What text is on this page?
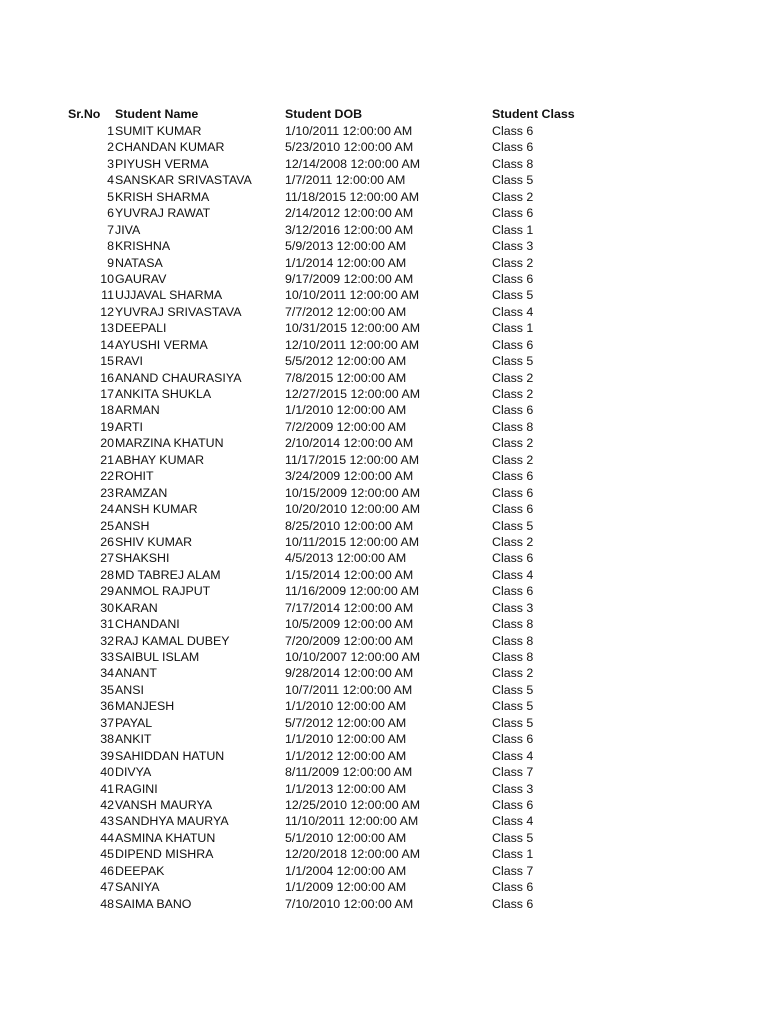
Sr.No Student Name	Student DOB	Student Class
1 SUMIT KUMAR	1/10/2011 12:00:00 AM	Class 6
2 CHANDAN KUMAR	5/23/2010 12:00:00 AM	Class 6
3 PIYUSH VERMA	12/14/2008 12:00:00 AM	Class 8
4 SANSKAR SRIVASTAVA	1/7/2011 12:00:00 AM	Class 5
5 KRISH SHARMA	11/18/2015 12:00:00 AM	Class 2
6 YUVRAJ RAWAT	2/14/2012 12:00:00 AM	Class 6
7 JIVA	3/12/2016 12:00:00 AM	Class 1
8 KRISHNA	5/9/2013 12:00:00 AM	Class 3
9 NATASA	1/1/2014 12:00:00 AM	Class 2
10 GAURAV	9/17/2009 12:00:00 AM	Class 6
11 UJJAVAL SHARMA	10/10/2011 12:00:00 AM	Class 5
12 YUVRAJ SRIVASTAVA	7/7/2012 12:00:00 AM	Class 4
13 DEEPALI	10/31/2015 12:00:00 AM	Class 1
14 AYUSHI VERMA	12/10/2011 12:00:00 AM	Class 6
15 RAVI	5/5/2012 12:00:00 AM	Class 5
16 ANAND CHAURASIYA	7/8/2015 12:00:00 AM	Class 2
17 ANKITA SHUKLA	12/27/2015 12:00:00 AM	Class 2
18 ARMAN	1/1/2010 12:00:00 AM	Class 6
19 ARTI	7/2/2009 12:00:00 AM	Class 8
20 MARZINA KHATUN	2/10/2014 12:00:00 AM	Class 2
21 ABHAY KUMAR	11/17/2015 12:00:00 AM	Class 2
22 ROHIT	3/24/2009 12:00:00 AM	Class 6
23 RAMZAN	10/15/2009 12:00:00 AM	Class 6
24 ANSH KUMAR	10/20/2010 12:00:00 AM	Class 6
25 ANSH	8/25/2010 12:00:00 AM	Class 5
26 SHIV KUMAR	10/11/2015 12:00:00 AM	Class 2
27 SHAKSHI	4/5/2013 12:00:00 AM	Class 6
28 MD TABREJ ALAM	1/15/2014 12:00:00 AM	Class 4
29 ANMOL RAJPUT	11/16/2009 12:00:00 AM	Class 6
30 KARAN	7/17/2014 12:00:00 AM	Class 3
31 CHANDANI	10/5/2009 12:00:00 AM	Class 8
32 RAJ KAMAL DUBEY	7/20/2009 12:00:00 AM	Class 8
33 SAIBUL ISLAM	10/10/2007 12:00:00 AM	Class 8
34 ANANT	9/28/2014 12:00:00 AM	Class 2
35 ANSI	10/7/2011 12:00:00 AM	Class 5
36 MANJESH	1/1/2010 12:00:00 AM	Class 5
37 PAYAL	5/7/2012 12:00:00 AM	Class 5
38 ANKIT	1/1/2010 12:00:00 AM	Class 6
39 SAHIDDAN HATUN	1/1/2012 12:00:00 AM	Class 4
40 DIVYA	8/11/2009 12:00:00 AM	Class 7
41 RAGINI	1/1/2013 12:00:00 AM	Class 3
42 VANSH MAURYA	12/25/2010 12:00:00 AM	Class 6
43 SANDHYA MAURYA	11/10/2011 12:00:00 AM	Class 4
44 ASMINA KHATUN	5/1/2010 12:00:00 AM	Class 5
45 DIPEND MISHRA	12/20/2018 12:00:00 AM	Class 1
46 DEEPAK	1/1/2004 12:00:00 AM	Class 7
47 SANIYA	1/1/2009 12:00:00 AM	Class 6
48 SAIMA BANO	7/10/2010 12:00:00 AM	Class 6
